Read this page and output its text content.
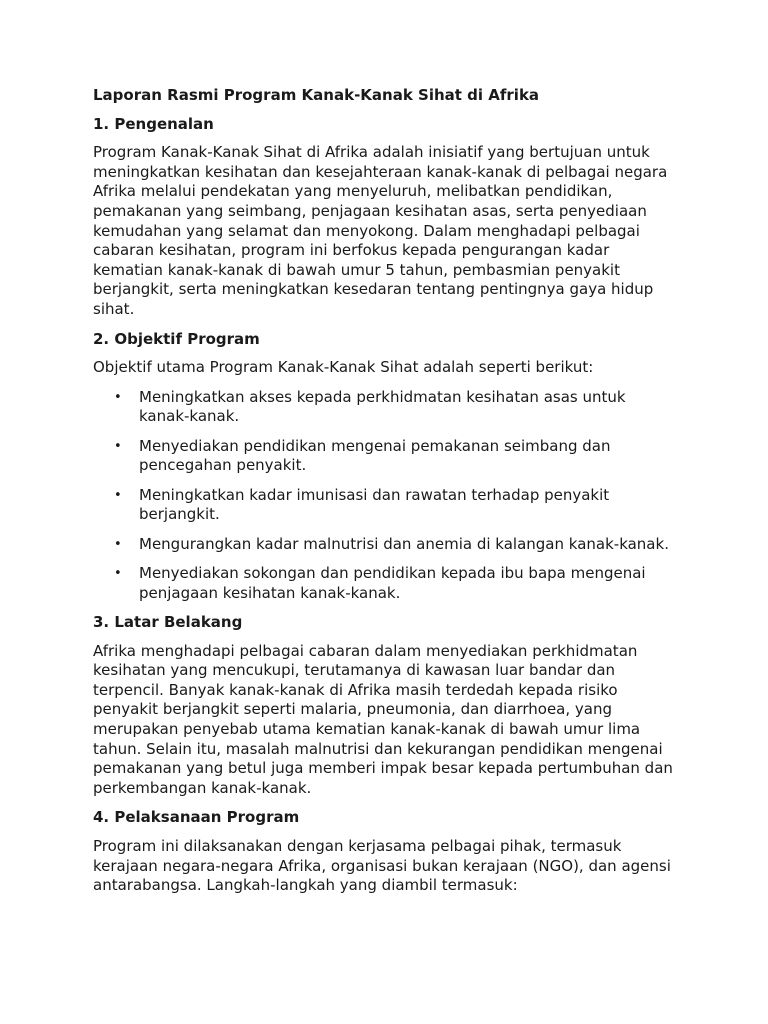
Laporan Rasmi Program Kanak-Kanak Sihat di Afrika
1. Pengenalan

Program Kanak-Kanak Sihat di Afrika adalah inisiatif yang bertujuan untuk meningkatkan kesihatan dan kesejahteraan kanak-kanak di pelbagai negara Afrika melalui pendekatan yang menyeluruh, melibatkan pendidikan, pemakanan yang seimbang, penjagaan kesihatan asas, serta penyediaan kemudahan yang selamat dan menyokong. Dalam menghadapi pelbagai cabaran kesihatan, program ini berfokus kepada pengurangan kadar kematian kanak-kanak di bawah umur 5 tahun, pembasmian penyakit berjangkit, serta meningkatkan kesedaran tentang pentingnya gaya hidup sihat.

2. Objektif Program

Objektif utama Program Kanak-Kanak Sihat adalah seperti berikut:

• Meningkatkan akses kepada perkhidmatan kesihatan asas untuk kanak-kanak.
• Menyediakan pendidikan mengenai pemakanan seimbang dan pencegahan penyakit.
• Meningkatkan kadar imunisasi dan rawatan terhadap penyakit berjangkit.
• Mengurangkan kadar malnutrisi dan anemia di kalangan kanak-kanak.
• Menyediakan sokongan dan pendidikan kepada ibu bapa mengenai penjagaan kesihatan kanak-kanak.
3. Latar Belakang

Afrika menghadapi pelbagai cabaran dalam menyediakan perkhidmatan kesihatan yang mencukupi, terutamanya di kawasan luar bandar dan terpencil. Banyak kanak-kanak di Afrika masih terdedah kepada risiko penyakit berjangkit seperti malaria, pneumonia, dan diarrhoea, yang merupakan penyebab utama kematian kanak-kanak di bawah umur lima tahun. Selain itu, masalah malnutrisi dan kekurangan pendidikan mengenai pemakanan yang betul juga memberi impak besar kepada pertumbuhan dan perkembangan kanak-kanak.

4. Pelaksanaan Program

Program ini dilaksanakan dengan kerjasama pelbagai pihak, termasuk kerajaan negara-negara Afrika, organisasi bukan kerajaan (NGO), dan agensi antarabangsa. Langkah-langkah yang diambil termasuk:
